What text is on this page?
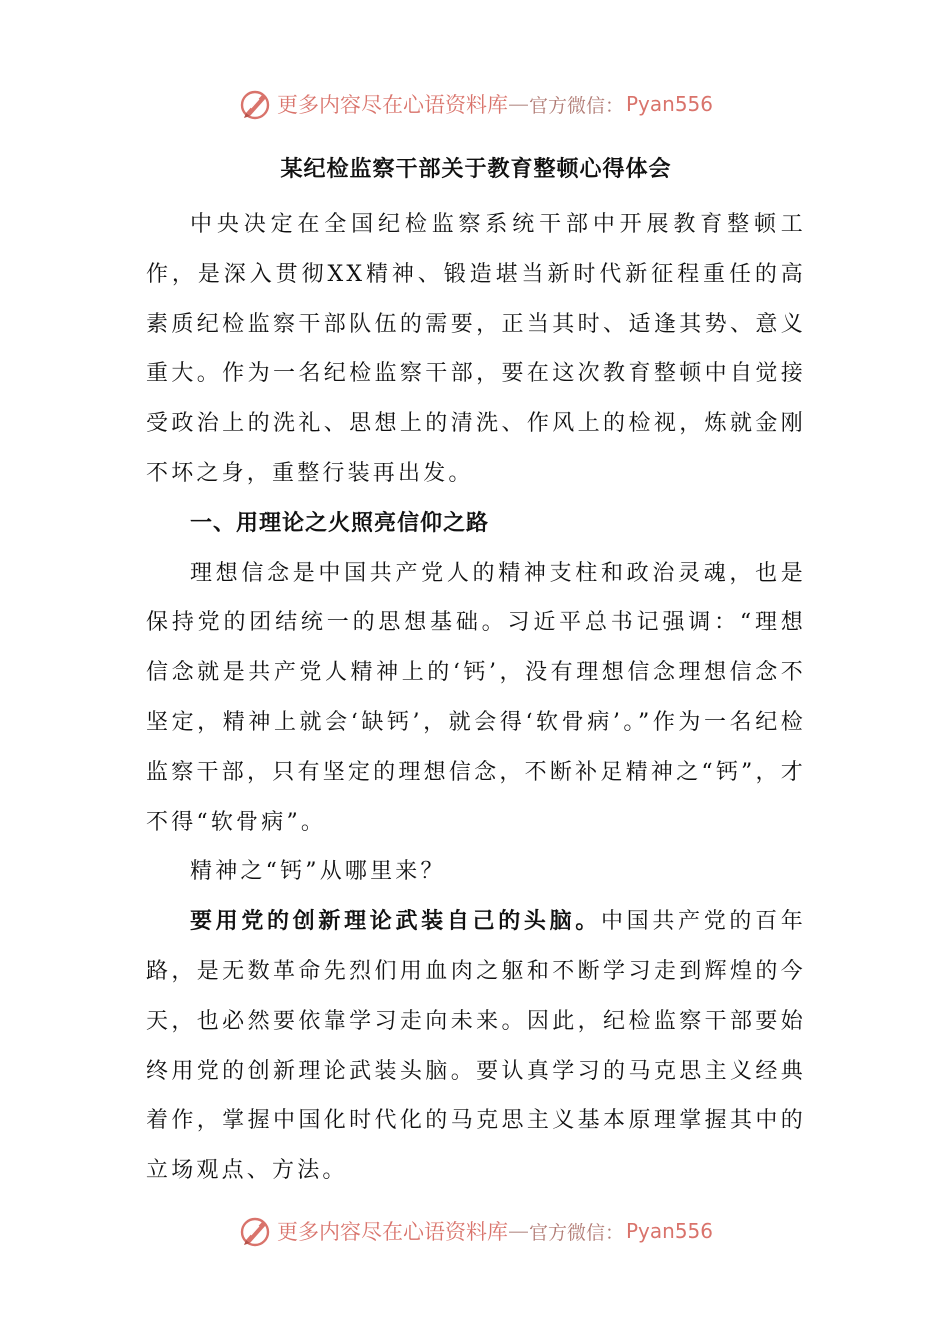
更多内容尽在心语资料库 — 官方微信： Pyan556
某纪检监察干部关于教育整顿心得体会

中央决定在全国纪检监察系统干部中开展教育整顿工作，是深入贯彻XX精神、锻造堪当新时代新征程重任的高素质纪检监察干部队伍的需要，正当其时、适逢其势、意义重大。作为一名纪检监察干部，要在这次教育整顿中自觉接受政治上的洗礼、思想上的清洗、作风上的检视，炼就金刚不坏之身，重整行装再出发。

一、用理论之火照亮信仰之路

理想信念是中国共产党人的精神支柱和政治灵魂，也是保持党的团结统一的思想基础。习近平总书记强调：“理想信念就是共产党人精神上的‘钙’，没有理想信念理想信念不坚定，精神上就会‘缺钙’，就会得‘软骨病’。”作为一名纪检监察干部，只有坚定的理想信念，不断补足精神之“钙”，才不得“软骨病”。

精神之“钙”从哪里来？

要用党的创新理论武装自己的头脑。中国共产党的百年路，是无数革命先烈们用血肉之躯和不断学习走到辉煌的今天，也必然要依靠学习走向未来。因此，纪检监察干部要始终用党的创新理论武装头脑。要认真学习的马克思主义经典着作，掌握中国化时代化的马克思主义基本原理掌握其中的立场观点、方法。

更多内容尽在心语资料库 — 官方微信： Pyan556
